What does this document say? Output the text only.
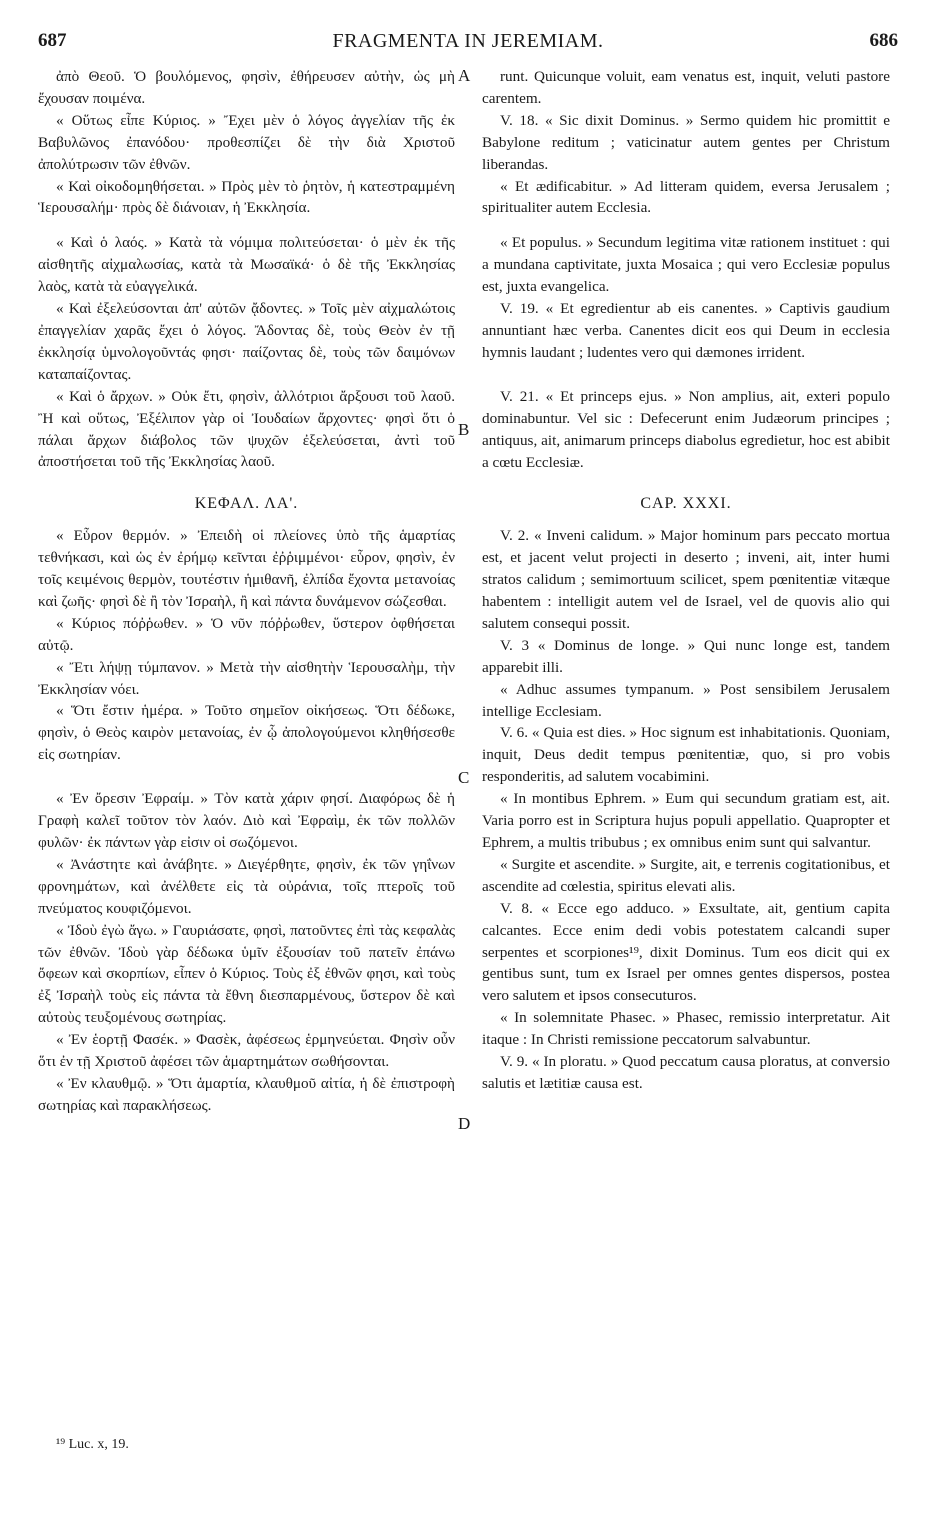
687	FRAGMENTA IN JEREMIAM.	686

ἀπὸ Θεοῦ. Ὁ βουλόμενος, φησὶν, ἐθήρευσεν αὐτὴν, ὡς μὴ ἔχουσαν ποιμένα.

« Οὕτως εἶπε Κύριος. » Ἔχει μὲν ὁ λόγος ἀγγελίαν τῆς ἐκ Βαβυλῶνος ἐπανόδου· προθεσπίζει δὲ τὴν διὰ Χριστοῦ ἀπολύτρωσιν τῶν ἐθνῶν.

« Καὶ οἰκοδομηθήσεται. » Πρὸς μὲν τὸ ῥητὸν, ἡ κατεστραμμένη Ἱερουσαλήμ· πρὸς δὲ διάνοιαν, ἡ Ἐκκλησία.

« Καὶ ὁ λαός. » Κατὰ τὰ νόμιμα πολιτεύσεται· ὁ μὲν ἐκ τῆς αἰσθητῆς αἰχμαλωσίας, κατὰ τὰ Μωσαϊκά· ὁ δὲ τῆς Ἐκκλησίας λαὸς, κατὰ τὰ εὐαγγελικά.

« Καὶ ἐξελεύσονται ἀπ' αὐτῶν ᾄδοντες. » Τοῖς μὲν αἰχμαλώτοις ἐπαγγελίαν χαρᾶς ἔχει ὁ λόγος. Ἄδοντας δὲ, τοὺς Θεὸν ἐν τῇ ἐκκλησίᾳ ὑμνολογοῦντάς φησι· παίζοντας δὲ, τοὺς τῶν δαιμόνων καταπαίζοντας.

« Καὶ ὁ ἄρχων. » Οὐκ ἔτι, φησὶν, ἀλλότριοι ἄρξουσι τοῦ λαοῦ. Ἢ καὶ οὕτως, Ἐξέλιπον γὰρ οἱ Ἰουδαίων ἄρχοντες· φησὶ ὅτι ὁ πάλαι ἄρχων διάβολος τῶν ψυχῶν ἐξελεύσεται, ἀντὶ τοῦ ἀποστήσεται τοῦ τῆς Ἐκκλησίας λαοῦ.

ΚΕΦΑΛ. ΛΑ'.

« Εὗρον θερμόν. » Ἐπειδὴ οἱ πλείονες ὑπὸ τῆς ἁμαρτίας τεθνήκασι, καὶ ὡς ἐν ἐρήμῳ κεῖνται ἐῤῥιμμένοι· εὗρον, φησὶν, ἐν τοῖς κειμένοις θερμὸν, τουτέστιν ἡμιθανῆ, ἐλπίδα ἔχοντα μετανοίας καὶ ζωῆς· φησὶ δὲ ἢ τὸν Ἰσραὴλ, ἢ καὶ πάντα δυνάμενον σώζεσθαι.

« Κύριος πόῤῥωθεν. » Ὁ νῦν πόῤῥωθεν, ὕστερον ὀφθήσεται αὐτῷ.

« Ἔτι λήψῃ τύμπανον. » Μετὰ τὴν αἰσθητὴν Ἱερουσαλὴμ, τὴν Ἐκκλησίαν νόει.

« Ὅτι ἔστιν ἡμέρα. » Τοῦτο σημεῖον οἰκήσεως. Ὅτι δέδωκε, φησὶν, ὁ Θεὸς καιρὸν μετανοίας, ἐν ᾧ ἀπολογούμενοι κληθήσεσθε εἰς σωτηρίαν.

« Ἐν ὄρεσιν Ἐφραίμ. » Τὸν κατὰ χάριν φησί. Διαφόρως δὲ ἡ Γραφὴ καλεῖ τοῦτον τὸν λαόν. Διὸ καὶ Ἐφραὶμ, ἐκ τῶν πολλῶν φυλῶν· ἐκ πάντων γὰρ εἰσιν οἱ σωζόμενοι.

« Ἀνάστητε καὶ ἀνάβητε. » Διεγέρθητε, φησὶν, ἐκ τῶν γηΐνων φρονημάτων, καὶ ἀνέλθετε εἰς τὰ οὐράνια, τοῖς πτεροῖς τοῦ πνεύματος κουφιζόμενοι.

« Ἰδοὺ ἐγὼ ἄγω. » Γαυριάσατε, φησὶ, πατοῦντες ἐπὶ τὰς κεφαλὰς τῶν ἐθνῶν. Ἰδοὺ γὰρ δέδωκα ὑμῖν ἐξουσίαν τοῦ πατεῖν ἐπάνω ὄφεων καὶ σκορπίων, εἶπεν ὁ Κύριος. Τοὺς ἐξ ἐθνῶν φησι, καὶ τοὺς ἐξ Ἰσραὴλ τοὺς εἰς πάντα τὰ ἔθνη διεσπαρμένους, ὕστερον δὲ καὶ αὐτοὺς τευξομένους σωτηρίας.

« Ἐν ἑορτῇ Φασέκ. » Φασὲκ, ἀφέσεως ἑρμηνεύεται. Φησὶν οὖν ὅτι ἐν τῇ Χριστοῦ ἀφέσει τῶν ἁμαρτημάτων σωθήσονται.

« Ἐν κλαυθμῷ. » Ὅτι ἁμαρτία, κλαυθμοῦ αἰτία, ἡ δὲ ἐπιστροφὴ σωτηρίας καὶ παρακλήσεως.

runt. Quicunque voluit, eam venatus est, inquit, veluti pastore carentem.

V. 18. « Sic dixit Dominus. » Sermo quidem hic promittit e Babylone reditum ; vaticinatur autem gentes per Christum liberandas.

« Et ædificabitur. » Ad litteram quidem, eversa Jerusalem ; spiritualiter autem Ecclesia.

« Et populus. » Secundum legitima vitæ rationem instituet : qui a mundana captivitate, juxta Mosaica ; qui vero Ecclesiæ populus est, juxta evangelica.

V. 19. « Et egredientur ab eis canentes. » Captivis gaudium annuntiant hæc verba. Canentes dicit eos qui Deum in ecclesia hymnis laudant ; ludentes vero qui dæmones irrident.

V. 21. « Et princeps ejus. » Non amplius, ait, exteri populo dominabuntur. Vel sic : Defecerunt enim Judæorum principes ; antiquus, ait, animarum princeps diabolus egredietur, hoc est abibit a cœtu Ecclesiæ.

CAP. XXXI.

V. 2. « Inveni calidum. » Major hominum pars peccato mortua est, et jacent velut projecti in deserto ; inveni, ait, inter humi stratos calidum ; semimortuum scilicet, spem pœnitentiæ vitæque habentem : intelligit autem vel de Israel, vel de quovis alio qui salutem consequi possit.

V. 3 « Dominus de longe. » Qui nunc longe est, tandem apparebit illi.

« Adhuc assumes tympanum. » Post sensibilem Jerusalem intellige Ecclesiam.

V. 6. « Quia est dies. » Hoc signum est inhabitationis. Quoniam, inquit, Deus dedit tempus pœnitentiæ, quo, si pro vobis responderitis, ad salutem vocabimini.

« In montibus Ephrem. » Eum qui secundum gratiam est, ait. Varia porro est in Scriptura hujus populi appellatio. Quapropter et Ephrem, a multis tribubus ; ex omnibus enim sunt qui salvantur.

« Surgite et ascendite. » Surgite, ait, e terrenis cogitationibus, et ascendite ad cœlestia, spiritus elevati alis.

V. 8. « Ecce ego adduco. » Exsultate, ait, gentium capita calcantes. Ecce enim dedi vobis potestatem calcandi super serpentes et scorpiones¹⁹, dixit Dominus. Tum eos dicit qui ex gentibus sunt, tum ex Israel per omnes gentes dispersos, postea vero salutem et ipsos consecuturos.

« In solemnitate Phasec. » Phasec, remissio interpretatur. Ait itaque : In Christi remissione peccatorum salvabuntur.

V. 9. « In ploratu. » Quod peccatum causa ploratus, at conversio salutis et lætitiæ causa est.

A
B
C
D
¹⁹ Luc. x, 19.
